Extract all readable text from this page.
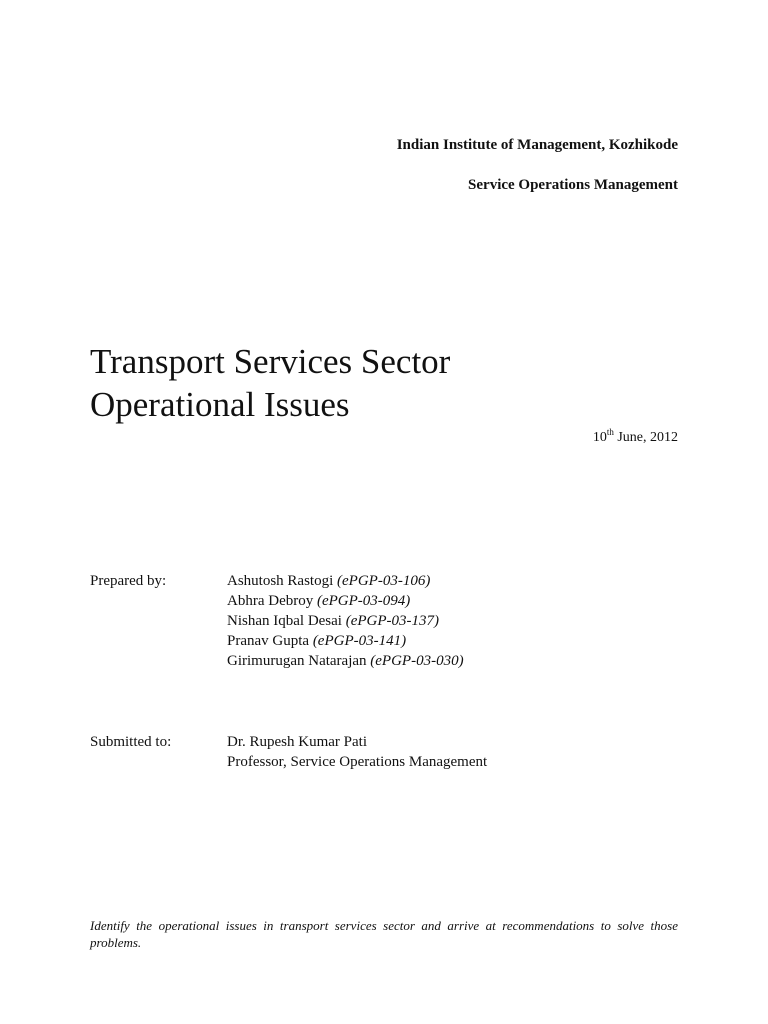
Indian Institute of Management, Kozhikode
Service Operations Management
Transport Services Sector
Operational Issues
10th June, 2012
Prepared by:	Ashutosh Rastogi (ePGP-03-106)
Abhra Debroy (ePGP-03-094)
Nishan Iqbal Desai (ePGP-03-137)
Pranav Gupta (ePGP-03-141)
Girimurugan Natarajan (ePGP-03-030)
Submitted to:	Dr. Rupesh Kumar Pati
Professor, Service Operations Management

Identify the operational issues in transport services sector and arrive at recommendations to solve those problems.
